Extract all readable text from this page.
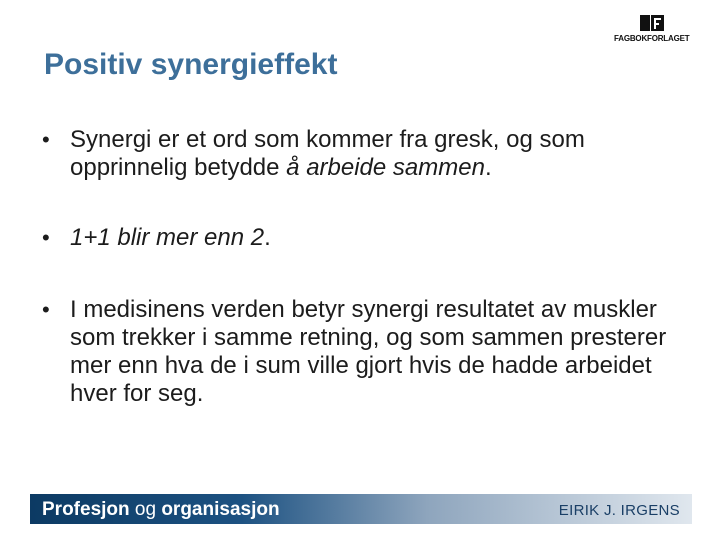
FAGBOKFORLAGET
Positiv synergieffekt
• Synergi er et ord som kommer fra gresk, og som opprinnelig betydde å arbeide sammen.
• 1+1 blir mer enn 2.
• I medisinens verden betyr synergi resultatet av muskler som trekker i samme retning, og som sammen presterer mer enn hva de i sum ville gjort hvis de hadde arbeidet hver for seg.
Profesjon og organisasjon	EIRIK J. IRGENS
